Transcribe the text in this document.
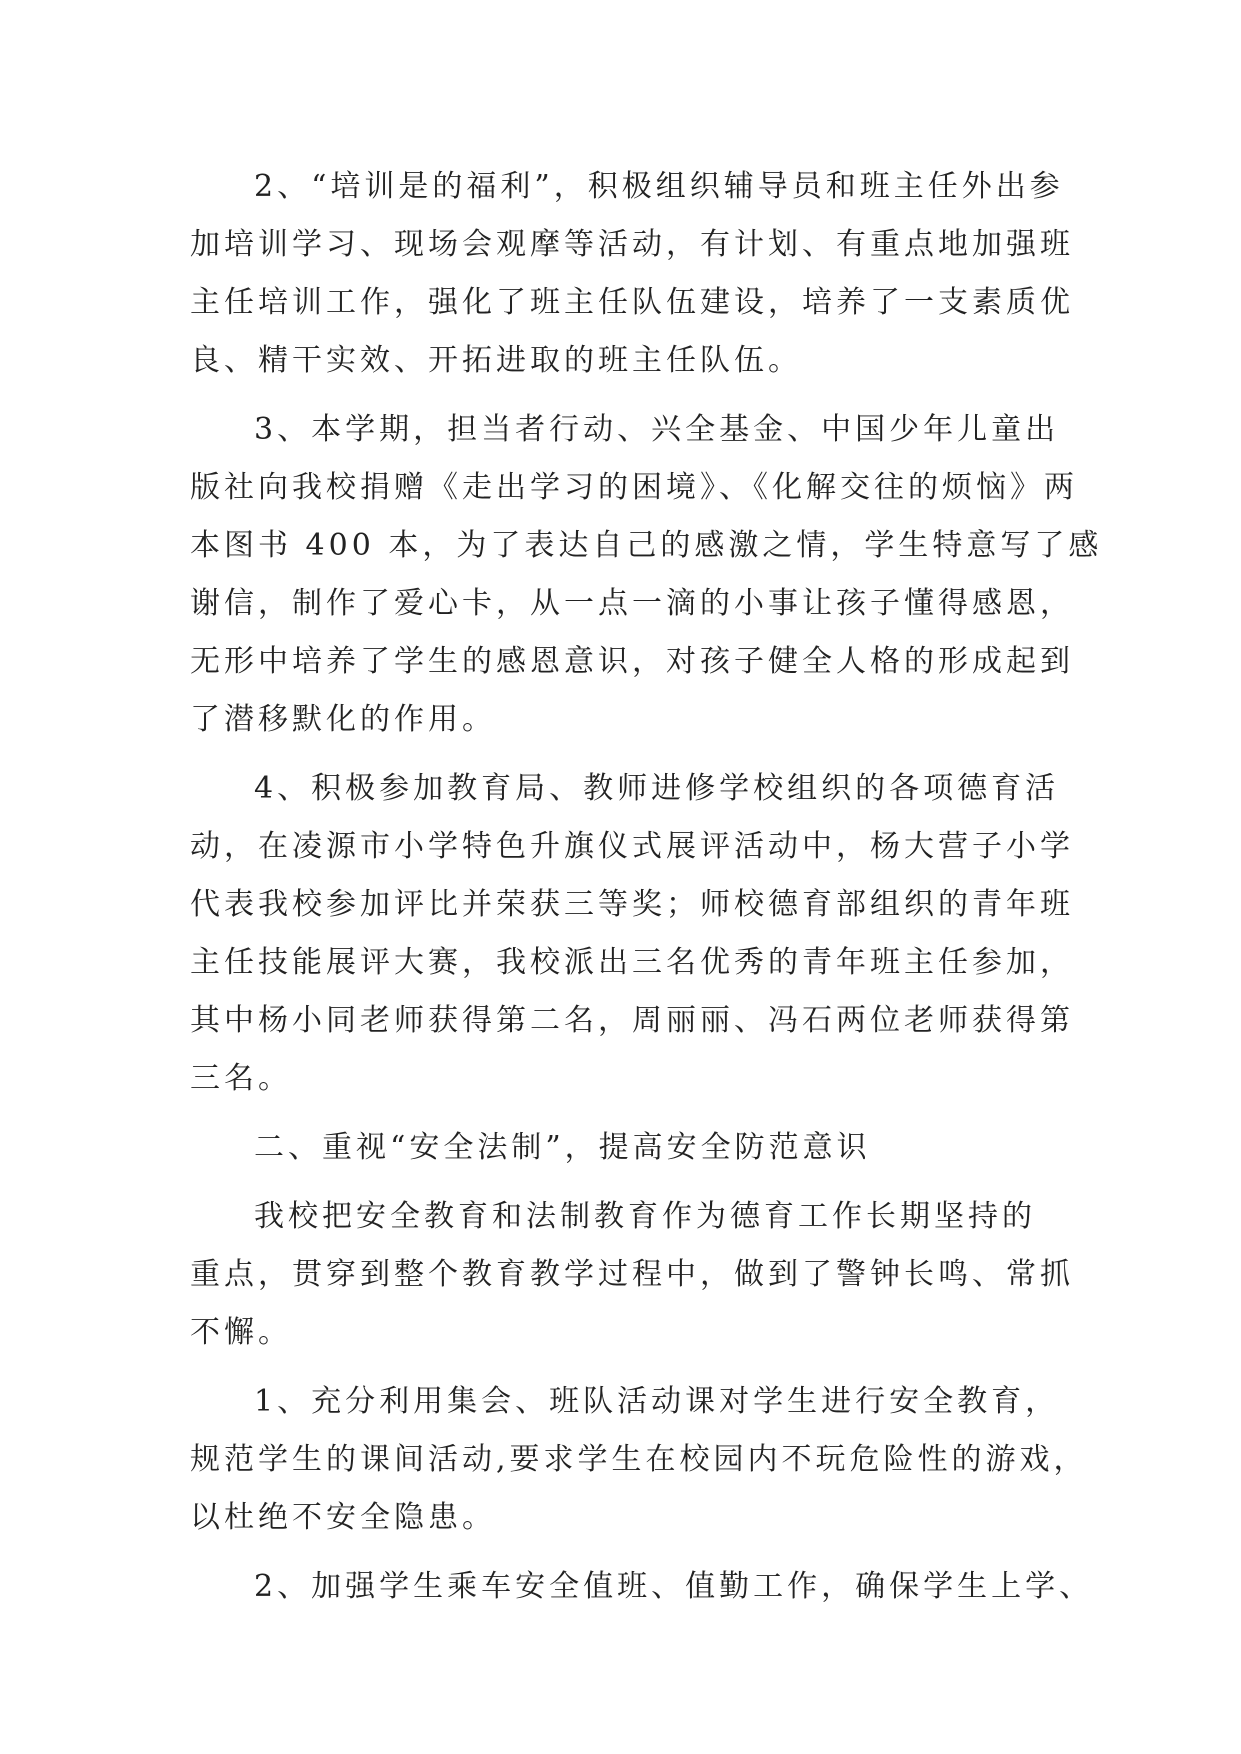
2、“培训是的福利”，积极组织辅导员和班主任外出参
加培训学习、现场会观摩等活动，有计划、有重点地加强班
主任培训工作，强化了班主任队伍建设，培养了一支素质优
良、精干实效、开拓进取的班主任队伍。
3、本学期，担当者行动、兴全基金、中国少年儿童出
版社向我校捐赠《走出学习的困境》、《化解交往的烦恼》两
本图书 400 本，为了表达自己的感激之情，学生特意写了感
谢信，制作了爱心卡，从一点一滴的小事让孩子懂得感恩，
无形中培养了学生的感恩意识，对孩子健全人格的形成起到
了潜移默化的作用。
4、积极参加教育局、教师进修学校组织的各项德育活
动，在凌源市小学特色升旗仪式展评活动中，杨大营子小学
代表我校参加评比并荣获三等奖；师校德育部组织的青年班
主任技能展评大赛，我校派出三名优秀的青年班主任参加，
其中杨小同老师获得第二名，周丽丽、冯石两位老师获得第
三名。
二、重视“安全法制”，提高安全防范意识
我校把安全教育和法制教育作为德育工作长期坚持的
重点，贯穿到整个教育教学过程中，做到了警钟长鸣、常抓
不懈。
1、充分利用集会、班队活动课对学生进行安全教育，
规范学生的课间活动,要求学生在校园内不玩危险性的游戏，
以杜绝不安全隐患。
2、加强学生乘车安全值班、值勤工作，确保学生上学、
